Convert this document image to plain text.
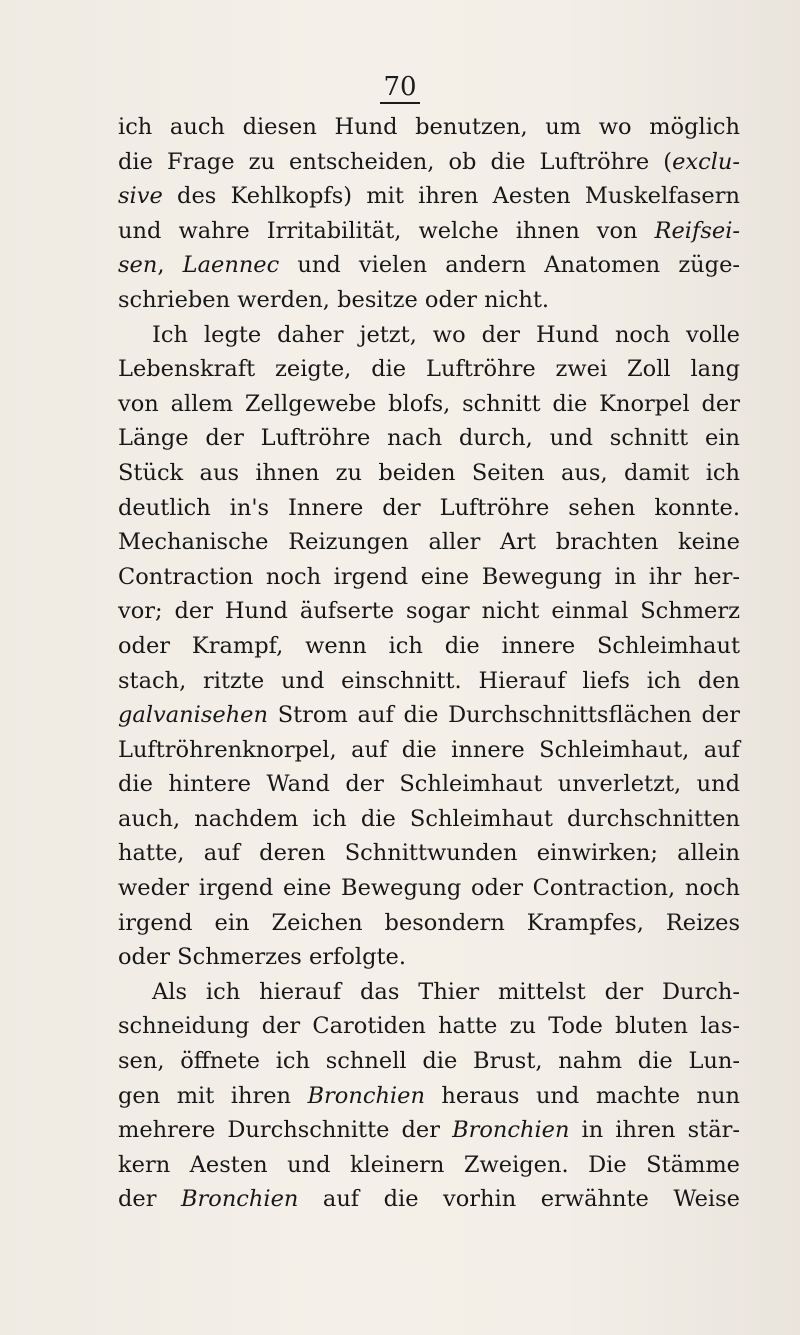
70
ich auch diesen Hund benutzen, um wo möglich
die Frage zu entscheiden, ob die Luftröhre (exclu-
sive des Kehlkopfs) mit ihren Aesten Muskelfasern
und wahre Irritabilität, welche ihnen von Reifsei-
sen, Laennec und vielen andern Anatomen züge-
schrieben werden, besitze oder nicht.
Ich legte daher jetzt, wo der Hund noch volle
Lebenskraft zeigte, die Luftröhre zwei Zoll lang
von allem Zellgewebe blofs, schnitt die Knorpel der
Länge der Luftröhre nach durch, und schnitt ein
Stück aus ihnen zu beiden Seiten aus, damit ich
deutlich in's Innere der Luftröhre sehen konnte.
Mechanische Reizungen aller Art brachten keine
Contraction noch irgend eine Bewegung in ihr her-
vor; der Hund äufserte sogar nicht einmal Schmerz
oder Krampf, wenn ich die innere Schleimhaut
stach, ritzte und einschnitt. Hierauf liefs ich den
galvanisehen Strom auf die Durchschnittsflächen der
Luftröhrenknorpel, auf die innere Schleimhaut, auf
die hintere Wand der Schleimhaut unverletzt, und
auch, nachdem ich die Schleimhaut durchschnitten
hatte, auf deren Schnittwunden einwirken; allein
weder irgend eine Bewegung oder Contraction, noch
irgend ein Zeichen besondern Krampfes, Reizes
oder Schmerzes erfolgte.
Als ich hierauf das Thier mittelst der Durch-
schneidung der Carotiden hatte zu Tode bluten las-
sen, öffnete ich schnell die Brust, nahm die Lun-
gen mit ihren Bronchien heraus und machte nun
mehrere Durchschnitte der Bronchien in ihren stär-
kern Aesten und kleinern Zweigen. Die Stämme
der Bronchien auf die vorhin erwähnte Weise
